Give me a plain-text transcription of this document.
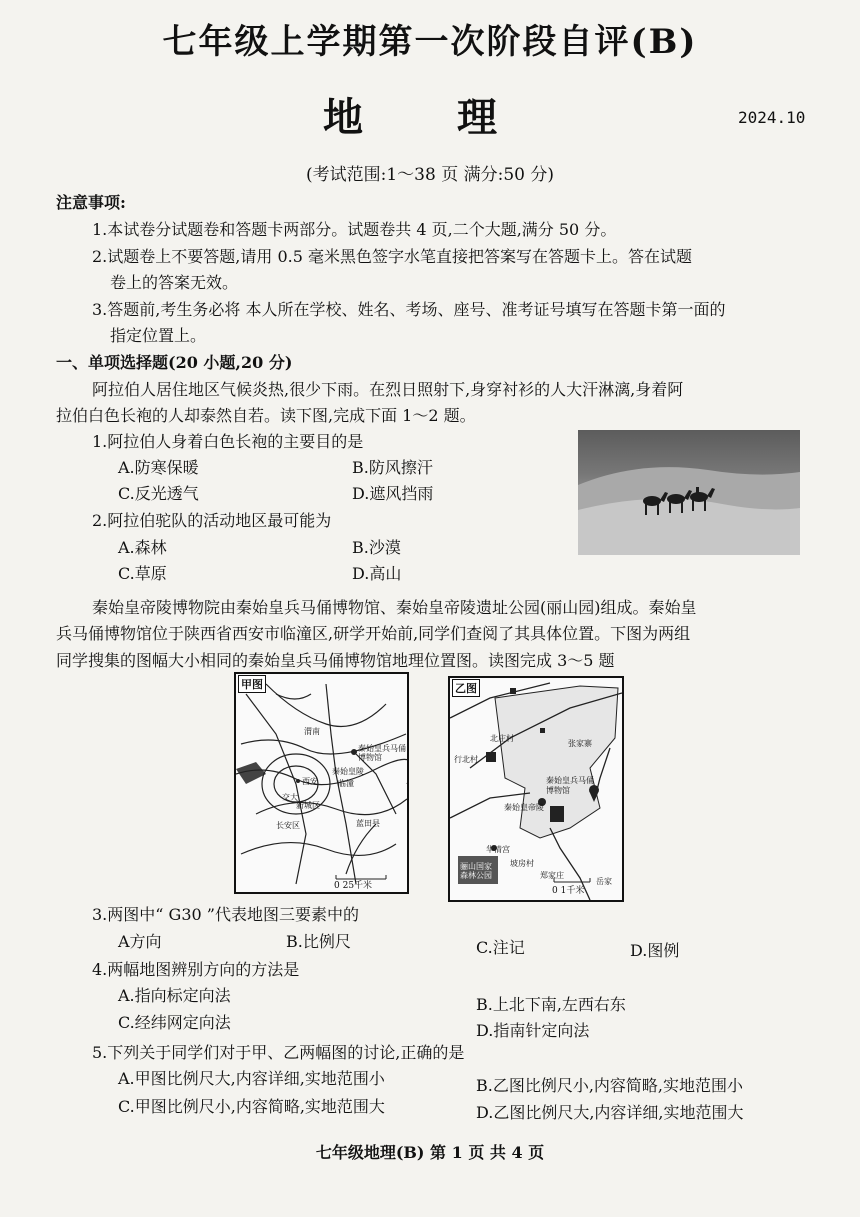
七年级上学期第一次阶段自评(B)
地 理	2024.10
(考试范围:1～38 页 满分:50 分)
注意事项:
1.本试卷分试题卷和答题卡两部分。试题卷共 4 页,二个大题,满分 50 分。
2.试题卷上不要答题,请用 0.5 毫米黑色签字水笔直接把答案写在答题卡上。答在试题
卷上的答案无效。
3.答题前,考生务必将 本人所在学校、姓名、考场、座号、准考证号填写在答题卡第一面的
指定位置上。
一、单项选择题(20 小题,20 分)
阿拉伯人居住地区气候炎热,很少下雨。在烈日照射下,身穿衬衫的人大汗淋漓,身着阿
拉伯白色长袍的人却泰然自若。读下图,完成下面 1～2 题。
1.阿拉伯人身着白色长袍的主要目的是
A.防寒保暖	B.防风擦汗
C.反光透气	D.遮风挡雨
2.阿拉伯驼队的活动地区最可能为
A.森林	B.沙漠
C.草原	D.高山
秦始皇帝陵博物院由秦始皇兵马俑博物馆、秦始皇帝陵遗址公园(丽山园)组成。秦始皇
兵马俑博物馆位于陕西省西安市临潼区,研学开始前,同学们查阅了其具体位置。下图为两组
同学搜集的图幅大小相同的秦始皇兵马俑博物馆地理位置图。读图完成 3～5 题
甲图
渭南
秦始皇兵马俑博物馆
秦始皇陵
临潼
西安
新城区
长安区	蓝田县
交大
0 25千米
乙图
北庄村
张家寨
行北村
秦始皇兵马俑博物馆
秦始皇帝陵
华清宫
坡房村
郑家庄
岳家
骊山国家森林公园
0 1千米
3.两图中“ G30 ”代表地图三要素中的
A方向	B.比例尺	C.注记	D.图例
4.两幅地图辨别方向的方法是
A.指向标定向法	B.上北下南,左西右东
C.经纬网定向法	D.指南针定向法
5.下列关于同学们对于甲、乙两幅图的讨论,正确的是
A.甲图比例尺大,内容详细,实地范围小	B.乙图比例尺小,内容简略,实地范围小
C.甲图比例尺小,内容简略,实地范围大	D.乙图比例尺大,内容详细,实地范围大
七年级地理(B) 第 1 页 共 4 页
